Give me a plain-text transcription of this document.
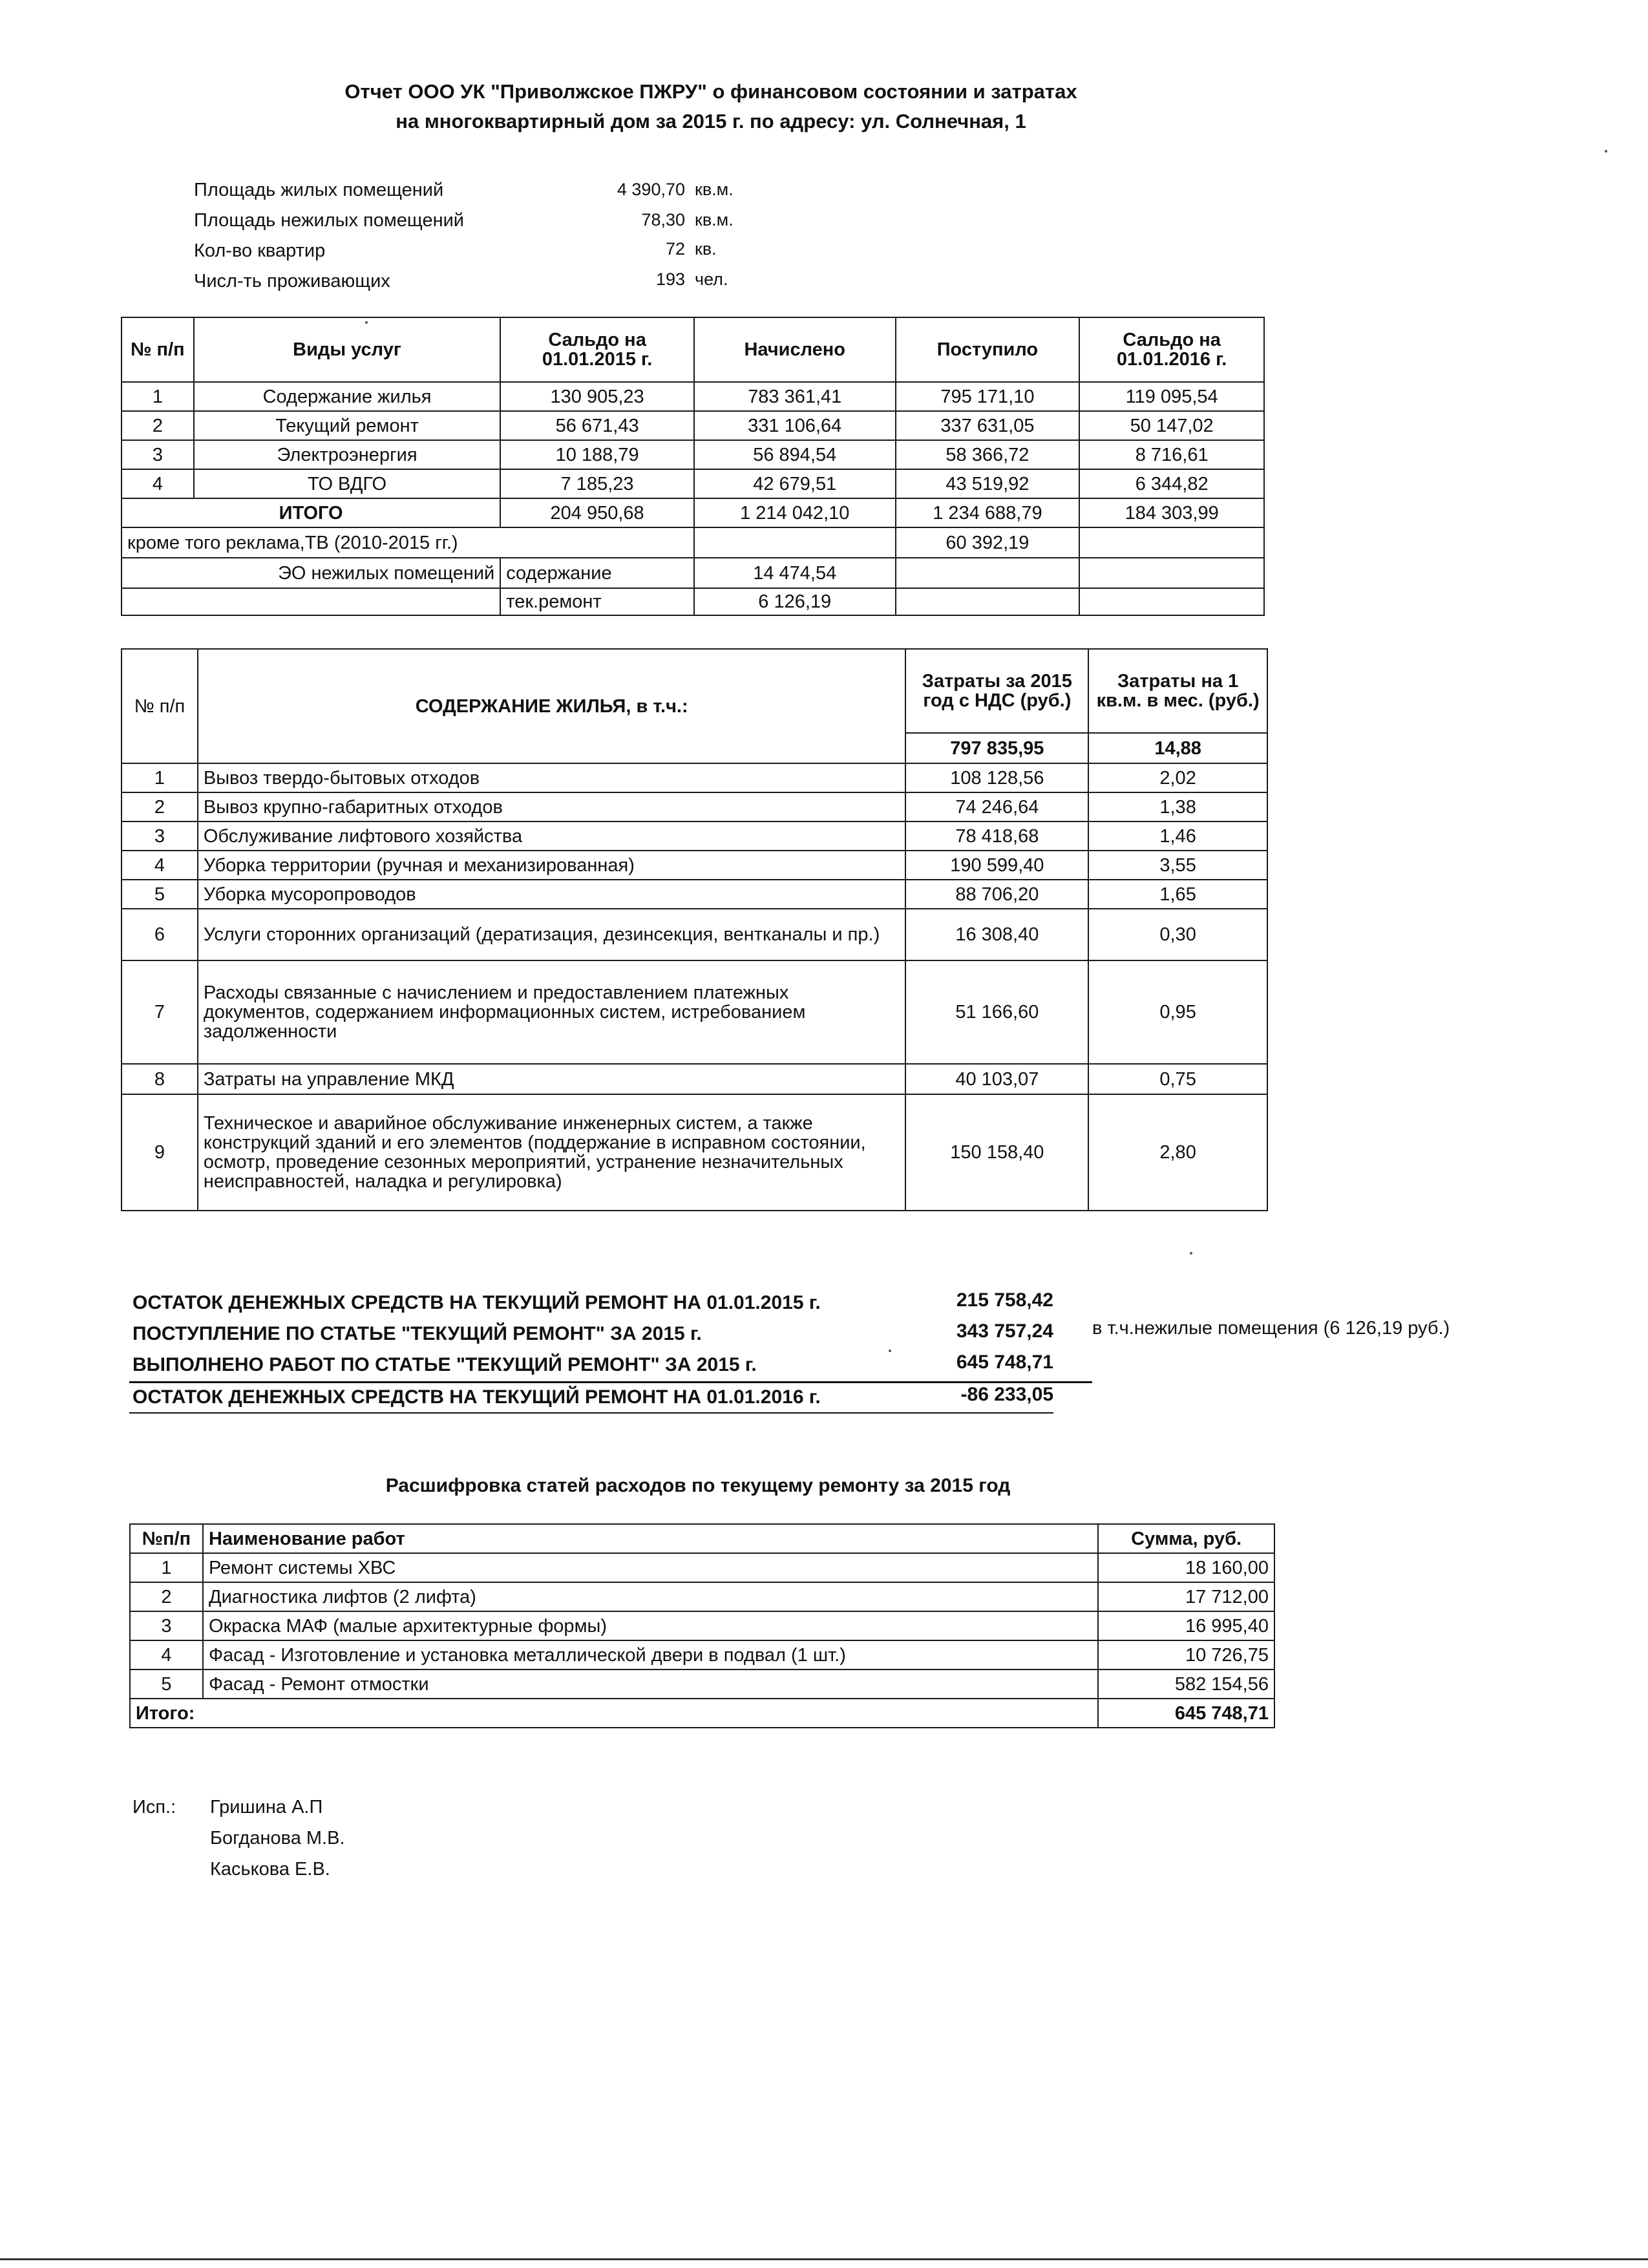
Отчет ООО УК "Приволжское ПЖРУ" о финансовом состоянии и затратах
на многоквартирный дом за 2015 г. по адресу: ул. Солнечная, 1
Площадь жилых помещений	4 390,70 кв.м.
Площадь нежилых помещений	78,30 кв.м.
Кол-во квартир	72 кв.
Числ-ть проживающих	193 чел.
№ п/п	Виды услуг	Сальдо на 01.01.2015 г.	Начислено	Поступило	Сальдо на 01.01.2016 г.
1	Содержание жилья	130 905,23	783 361,41	795 171,10	119 095,54
2	Текущий ремонт	56 671,43	331 106,64	337 631,05	50 147,02
3	Электроэнергия	10 188,79	56 894,54	58 366,72	8 716,61
4	ТО ВДГО	7 185,23	42 679,51	43 519,92	6 344,82
ИТОГО		204 950,68	1 214 042,10	1 234 688,79	184 303,99
кроме того реклама,ТВ (2010-2015 гг.)				60 392,19	
ЭО нежилых помещений		содержание	14 474,54		
		тек.ремонт	6 126,19		
№ п/п	СОДЕРЖАНИЕ ЖИЛЬЯ, в т.ч.:	Затраты за 2015 год с НДС (руб.)	Затраты на 1 кв.м. в мес. (руб.)
		797 835,95	14,88
1	Вывоз твердо-бытовых отходов	108 128,56	2,02
2	Вывоз крупно-габаритных отходов	74 246,64	1,38
3	Обслуживание лифтового хозяйства	78 418,68	1,46
4	Уборка территории (ручная и механизированная)	190 599,40	3,55
5	Уборка мусоропроводов	88 706,20	1,65
6	Услуги сторонних организаций (дератизация, дезинсекция, вентканалы и пр.)	16 308,40	0,30
7	Расходы связанные с начислением и предоставлением платежных документов, содержанием информационных систем, истребованием задолженности	51 166,60	0,95
8	Затраты на управление МКД	40 103,07	0,75
9	Техническое и аварийное обслуживание инженерных систем, а также конструкций зданий и его элементов (поддержание в исправном состоянии, осмотр, проведение сезонных мероприятий, устранение незначительных неисправностей, наладка и регулировка)	150 158,40	2,80
ОСТАТОК ДЕНЕЖНЫХ СРЕДСТВ НА ТЕКУЩИЙ РЕМОНТ НА 01.01.2015 г.	215 758,42
ПОСТУПЛЕНИЕ ПО СТАТЬЕ "ТЕКУЩИЙ РЕМОНТ" ЗА 2015 г.	343 757,24 в т.ч.нежилые помещения (6 126,19 руб.)
ВЫПОЛНЕНО РАБОТ ПО СТАТЬЕ "ТЕКУЩИЙ РЕМОНТ" ЗА 2015 г.	645 748,71
ОСТАТОК ДЕНЕЖНЫХ СРЕДСТВ НА ТЕКУЩИЙ РЕМОНТ НА 01.01.2016 г.	-86 233,05
Расшифровка статей расходов по текущему ремонту за 2015 год
№п/п	Наименование работ	Сумма, руб.
1	Ремонт системы ХВС	18 160,00
2	Диагностика лифтов (2 лифта)	17 712,00
3	Окраска МАФ (малые архитектурные формы)	16 995,40
4	Фасад - Изготовление и установка металлической двери в подвал (1 шт.)	10 726,75
5	Фасад - Ремонт отмостки	582 154,56
Итого:		645 748,71
Исп.: Гришина А.П
Богданова М.В.
Каськова Е.В.
